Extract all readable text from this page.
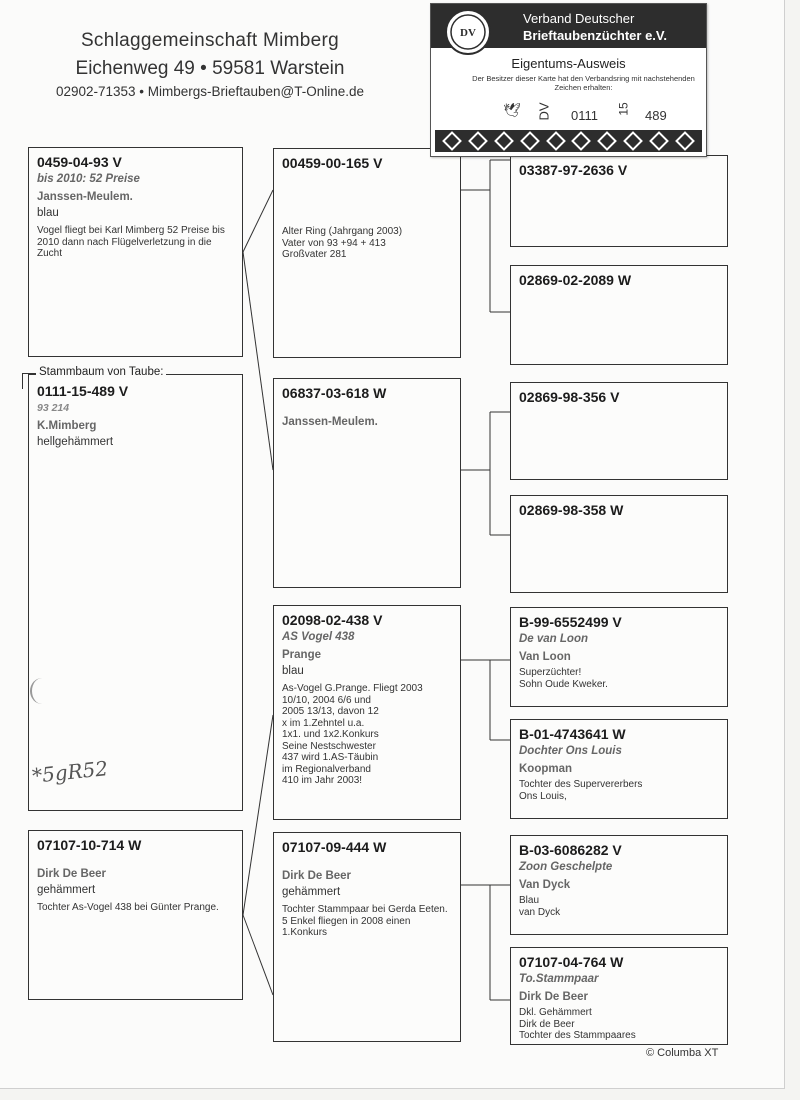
Schlaggemeinschaft Mimberg
Eichenweg 49 • 59581 Warstein
02902-71353 • Mimbergs-Brieftauben@T-Online.de
0459-04-93 V
bis 2010: 52 Preise
Janssen-Meulem.
blau
Vogel fliegt bei Karl Mimberg 52 Preise bis 2010 dann nach Flügelverletzung in die Zucht
0111-15-489 V
93 214
K.Mimberg
hellgehämmert
Stammbaum von Taube:
*5gR52
07107-10-714 W
Dirk De Beer
gehämmert
Tochter As-Vogel 438 bei Günter Prange.
00459-00-165 V
Alter Ring (Jahrgang 2003)
Vater von 93 +94 + 413
Großvater 281
06837-03-618 W
Janssen-Meulem.
02098-02-438 V
AS Vogel 438
Prange
blau
As-Vogel G.Prange. Fliegt 2003
10/10, 2004 6/6 und
2005 13/13, davon 12
x im 1.Zehntel u.a.
1x1. und 1x2.Konkurs
Seine Nestschwester
437 wird 1.AS-Täubin
im Regionalverband
410 im Jahr 2003!
07107-09-444 W
Dirk De Beer
gehämmert
Tochter Stammpaar bei Gerda Eeten. 5 Enkel fliegen in 2008 einen 1.Konkurs
03387-97-2636 V
02869-02-2089 W
02869-98-356 V
02869-98-358 W
B-99-6552499 V
De van Loon
Van Loon
Superzüchter!
Sohn Oude Kweker.
B-01-4743641 W
Dochter Ons Louis
Koopman
Tochter des Supervererbers
Ons Louis,
B-03-6086282 V
Zoon Geschelpte
Van Dyck
Blau
van Dyck
07107-04-764 W
To.Stammpaar
Dirk De Beer
Dkl. Gehämmert
Dirk de Beer
Tochter des Stammpaares
DV
Verband Deutscher
Brieftaubenzüchter e.V.
Eigentums-Ausweis
Der Besitzer dieser Karte hat den Verbandsring mit nachstehenden Zeichen erhalten:
🕊 DV 0111 15 489
© Columba XT
